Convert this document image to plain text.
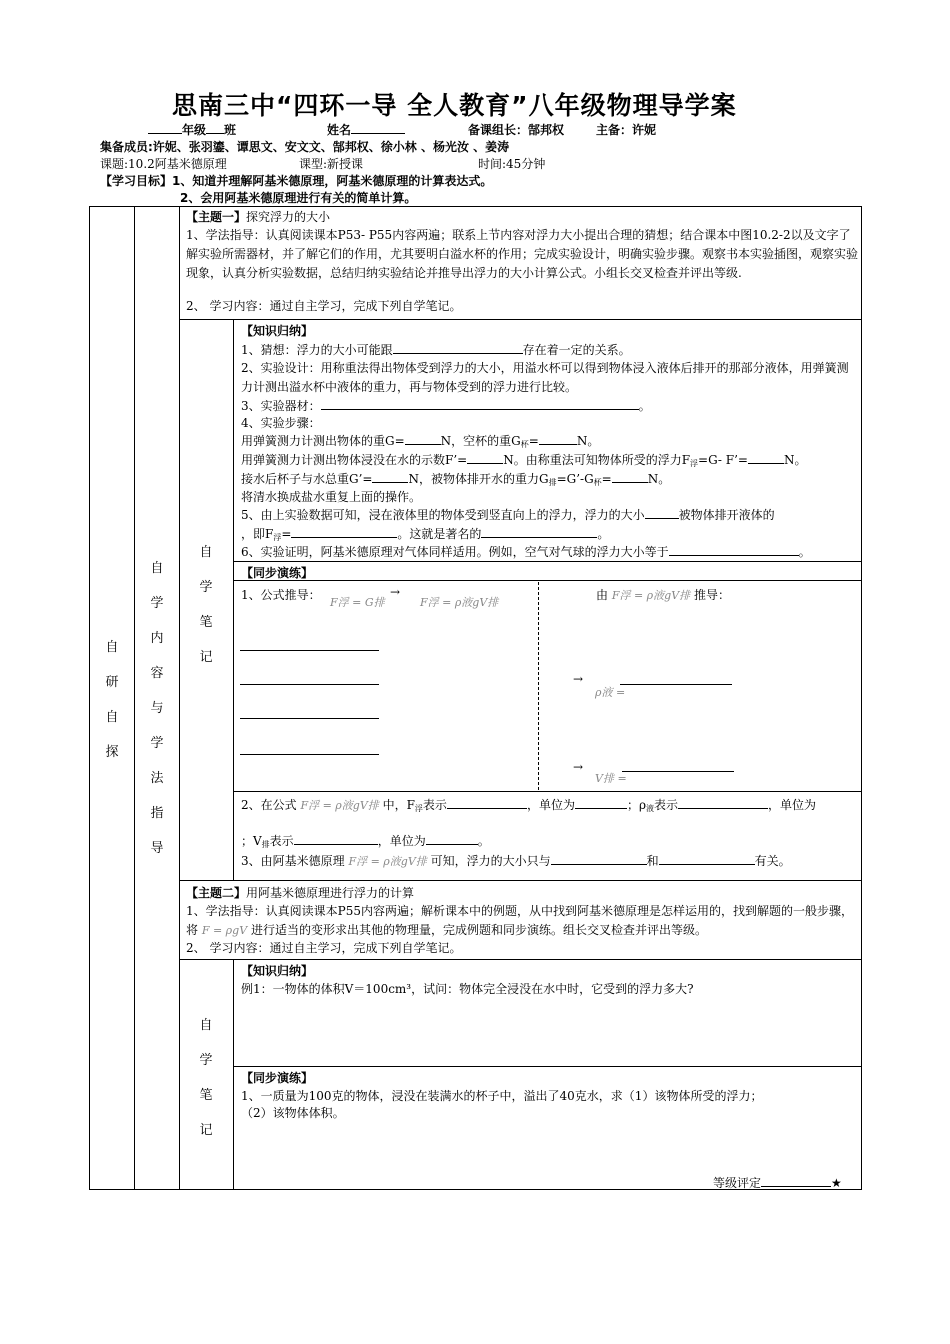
思南三中“四环一导 全人教育”八年级物理导学案
年级 班	姓名	备课组长：郜邦权	主备：许妮
集备成员:许妮、张羽鎏、谭思文、安文文、郜邦权、徐小林 、杨光汝 、姜涛
课题:10.2阿基米德原理	课型:新授课	时间:45分钟
【学习目标】1、知道并理解阿基米德原理，阿基米德原理的计算表达式。
2、会用阿基米德原理进行有关的简单计算。
自
研
自
探
自
学
内
容
与
学
法
指
导
自
学
笔
记
自
学
笔
记
【主题一】探究浮力的大小
1、学法指导：认真阅读课本P53- P55内容两遍；联系上节内容对浮力大小提出合理的猜想；结合课本中图10.2-2以及文字了解实验所需器材，并了解它们的作用，尤其要明白溢水杯的作用；完成实验设计，明确实验步骤。观察书本实验插图，观察实验现象，认真分析实验数据，总结归纳实验结论并推导出浮力的大小计算公式。小组长交叉检查并评出等级.
2、 学习内容：通过自主学习，完成下列自学笔记。
【知识归纳】
1、猜想：浮力的大小可能跟	存在着一定的关系。
2、实验设计：用称重法得出物体受到浮力的大小，用溢水杯可以得到物体浸入液体后排开的那部分液体，用弹簧测力计测出溢水杯中液体的重力，再与物体受到的浮力进行比较。
3、实验器材：	。
4、实验步骤：
用弹簧测力计测出物体的重G=	N，空杯的重$G_杯=$	N。
用弹簧测力计测出物体浸没在水的示数F’=	N。由称重法可知物体所受的浮力$F_浮=G-$ F’=	N。
接水后杯子与水总重G’=	N，被物体排开水的重力$G_排=G’-G_杯=$	N。
将清水换成盐水重复上面的操作。
5、由上实验数据可知，浸在液体里的物体受到竖直向上的浮力，浮力的大小	被物体排开液体的
，即$F_浮=$	。这就是著名的	。
6、实验证明，阿基米德原理对气体同样适用。例如，空气对气球的浮力大小等于	。
【同步演练】
1、公式推导：
F浮 = G排
→
F浮 = ρ液gV排
由 F浮 = ρ液gV排 推导：
→
ρ液 =
→
V排 =
2、在公式 F浮 = ρ液gV排 中，$F_浮$表示	，单位为	；$\rho_液$表示	，单位为
；$V_排$表示	，单位为	。
3、由阿基米德原理 F浮 = ρ液gV排 可知，浮力的大小只与	和	有关。
【主题二】用阿基米德原理进行浮力的计算
1、学法指导：认真阅读课本P55内容两遍；解析课本中的例题，从中找到阿基米德原理是怎样运用的，找到解题的一般步骤，将 F = ρgV 进行适当的变形求出其他的物理量，完成例题和同步演练。组长交叉检查并评出等级。
2、 学习内容：通过自主学习，完成下列自学笔记。
【知识归纳】
例1：一物体的体积V＝100cm³，试问：物体完全浸没在水中时，它受到的浮力多大?
【同步演练】
1、一质量为100克的物体，浸没在装满水的杯子中，溢出了40克水，求（1）该物体所受的浮力；
（2）该物体体积。
等级评定	★
